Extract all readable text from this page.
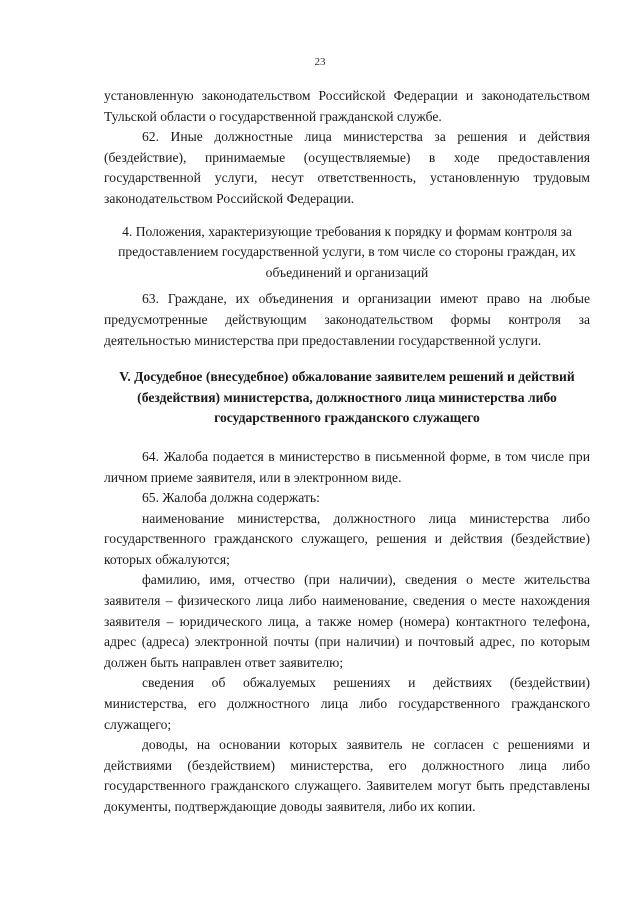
23

установленную законодательством Российской Федерации и законодательством Тульской области о государственной гражданской службе.

62. Иные должностные лица министерства за решения и действия (бездействие), принимаемые (осуществляемые) в ходе предоставления государственной услуги, несут ответственность, установленную трудовым законодательством Российской Федерации.

4. Положения, характеризующие требования к порядку и формам контроля за предоставлением государственной услуги, в том числе со стороны граждан, их объединений и организаций

63. Граждане, их объединения и организации имеют право на любые предусмотренные действующим законодательством формы контроля за деятельностью министерства при предоставлении государственной услуги.

V. Досудебное (внесудебное) обжалование заявителем решений и действий (бездействия) министерства, должностного лица министерства либо государственного гражданского служащего

64. Жалоба подается в министерство в письменной форме, в том числе при личном приеме заявителя, или в электронном виде.

65. Жалоба должна содержать:

наименование министерства, должностного лица министерства либо государственного гражданского служащего, решения и действия (бездействие) которых обжалуются;

фамилию, имя, отчество (при наличии), сведения о месте жительства заявителя – физического лица либо наименование, сведения о месте нахождения заявителя – юридического лица, а также номер (номера) контактного телефона, адрес (адреса) электронной почты (при наличии) и почтовый адрес, по которым должен быть направлен ответ заявителю;

сведения об обжалуемых решениях и действиях (бездействии) министерства, его должностного лица либо государственного гражданского служащего;

доводы, на основании которых заявитель не согласен с решениями и действиями (бездействием) министерства, его должностного лица либо государственного гражданского служащего. Заявителем могут быть представлены документы, подтверждающие доводы заявителя, либо их копии.
